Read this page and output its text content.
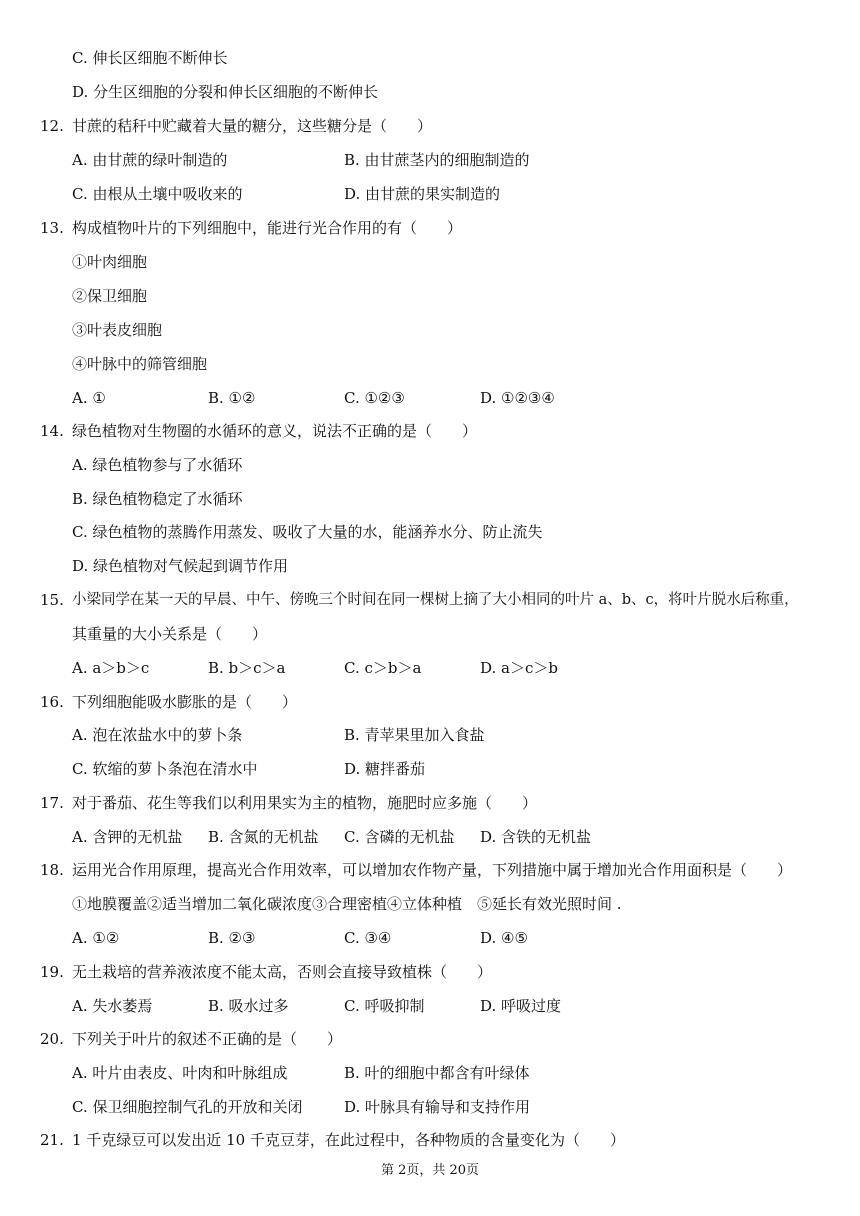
C. 伸长区细胞不断伸长
D. 分生区细胞的分裂和伸长区细胞的不断伸长
12. 甘蔗的秸秆中贮藏着大量的糖分，这些糖分是（　　）
A. 由甘蔗的绿叶制造的	B. 由甘蔗茎内的细胞制造的
C. 由根从土壤中吸收来的	D. 由甘蔗的果实制造的
13. 构成植物叶片的下列细胞中，能进行光合作用的有（　　）
①叶肉细胞
②保卫细胞
③叶表皮细胞
④叶脉中的筛管细胞
A. ①	B. ①②	C. ①②③	D. ①②③④
14. 绿色植物对生物圈的水循环的意义，说法不正确的是（　　）
A. 绿色植物参与了水循环
B. 绿色植物稳定了水循环
C. 绿色植物的蒸腾作用蒸发、吸收了大量的水，能涵养水分、防止流失
D. 绿色植物对气候起到调节作用
15. 小梁同学在某一天的早晨、中午、傍晚三个时间在同一棵树上摘了大小相同的叶片 a、b、c，将叶片脱水后称重，
其重量的大小关系是（　　）
A. a＞b＞c	B. b＞c＞a	C. c＞b＞a	D. a＞c＞b
16. 下列细胞能吸水膨胀的是（　　）
A. 泡在浓盐水中的萝卜条	B. 青苹果里加入食盐
C. 软缩的萝卜条泡在清水中	D. 糖拌番茄
17. 对于番茄、花生等我们以利用果实为主的植物，施肥时应多施（　　）
A. 含钾的无机盐 B. 含氮的无机盐 C. 含磷的无机盐 D. 含铁的无机盐
18. 运用光合作用原理，提高光合作用效率，可以增加农作物产量，下列措施中属于增加光合作用面积是（　　）
①地膜覆盖②适当增加二氧化碳浓度③合理密植④立体种植　⑤延长有效光照时间 .
A. ①②	B. ②③	C. ③④	D. ④⑤
19. 无土栽培的营养液浓度不能太高，否则会直接导致植株（　　）
A. 失水萎焉	B. 吸水过多	C. 呼吸抑制	D. 呼吸过度
20. 下列关于叶片的叙述不正确的是（　　）
A. 叶片由表皮、叶肉和叶脉组成	B. 叶的细胞中都含有叶绿体
C. 保卫细胞控制气孔的开放和关闭	D. 叶脉具有输导和支持作用
21. 1 千克绿豆可以发出近 10 千克豆芽，在此过程中，各种物质的含量变化为（　　）
第 2页，共 20页
